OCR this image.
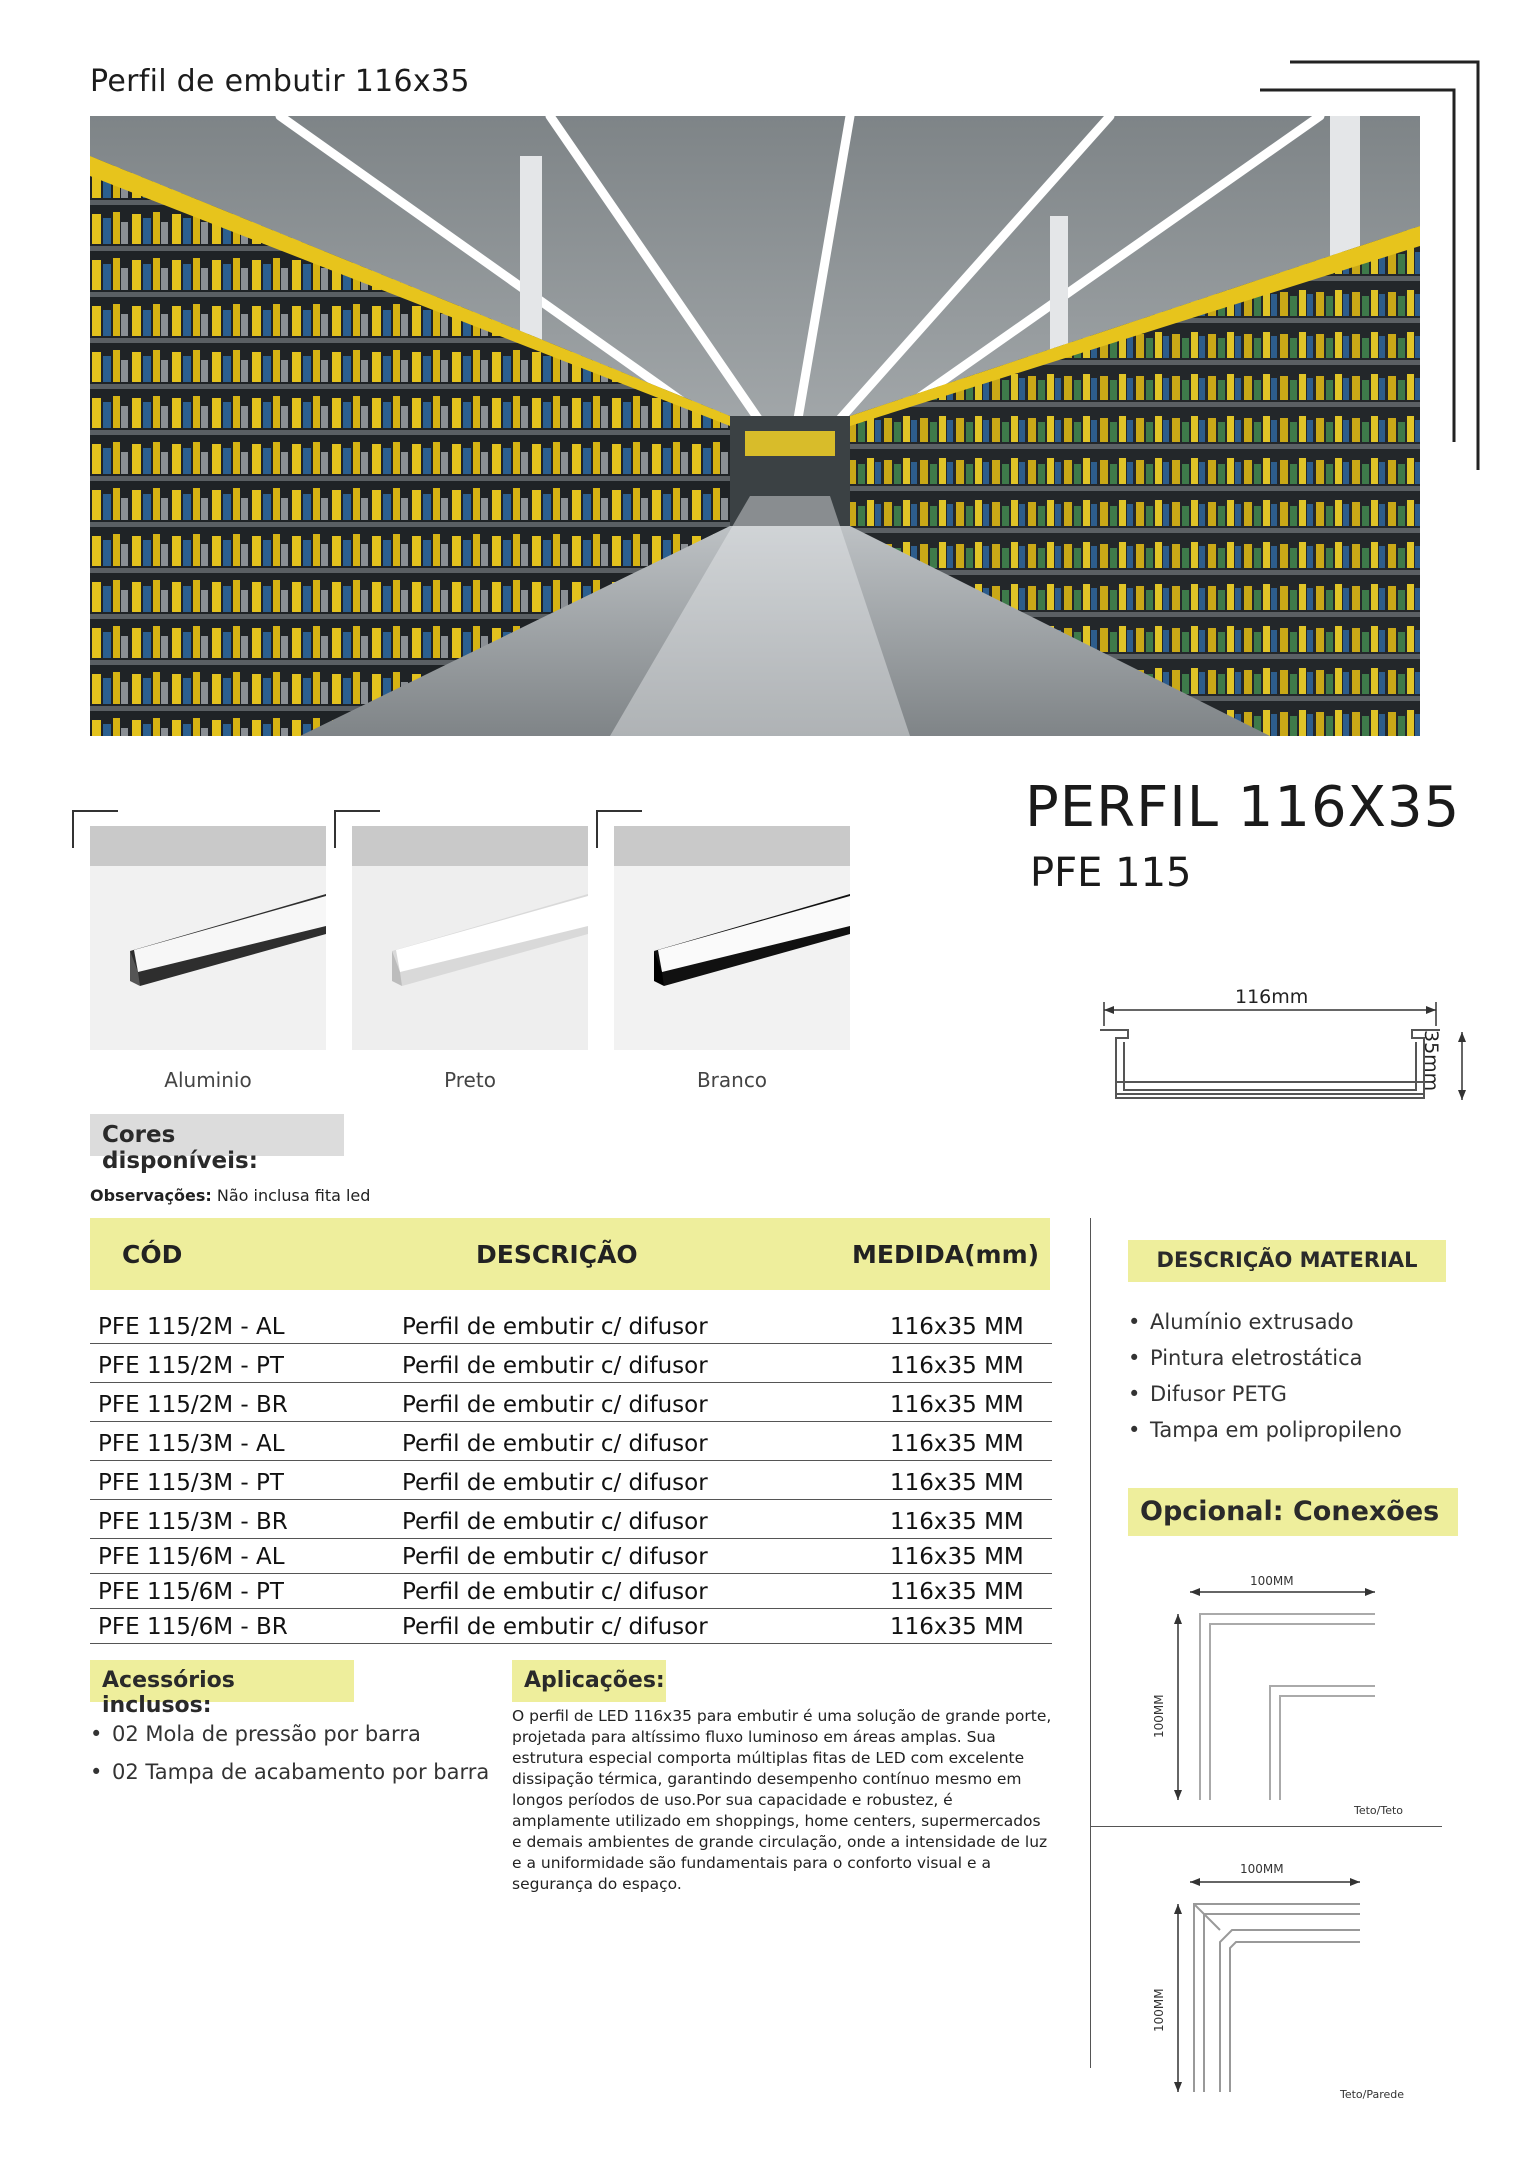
Perfil de embutir 116x35
Aluminio	Preto	Branco
PERFIL 116X35
PFE 115
116mm
35mm
Cores disponíveis:
Observações: Não inclusa fita led
CÓD	DESCRIÇÃO	MEDIDA(mm)
PFE 115/2M - AL	Perfil de embutir c/ difusor	116x35 MM
PFE 115/2M - PT	Perfil de embutir c/ difusor	116x35 MM
PFE 115/2M - BR	Perfil de embutir c/ difusor	116x35 MM
PFE 115/3M - AL	Perfil de embutir c/ difusor	116x35 MM
PFE 115/3M - PT	Perfil de embutir c/ difusor	116x35 MM
PFE 115/3M - BR	Perfil de embutir c/ difusor	116x35 MM
PFE 115/6M - AL	Perfil de embutir c/ difusor	116x35 MM
PFE 115/6M - PT	Perfil de embutir c/ difusor	116x35 MM
PFE 115/6M - BR	Perfil de embutir c/ difusor	116x35 MM
DESCRIÇÃO MATERIAL
• Alumínio extrusado
• Pintura eletrostática
• Difusor PETG
• Tampa em polipropileno
Opcional: Conexões
100MM
100MM
Teto/Teto
100MM
100MM
Teto/Parede
Acessórios inclusos:
• 02 Mola de pressão por barra
• 02 Tampa de acabamento por barra
Aplicações:
O perfil de LED 116x35 para embutir é uma solução de grande porte, projetada para altíssimo fluxo luminoso em áreas amplas. Sua estrutura especial comporta múltiplas fitas de LED com excelente dissipação térmica, garantindo desempenho contínuo mesmo em longos períodos de uso.Por sua capacidade e robustez, é amplamente utilizado em shoppings, home centers, supermercados e demais ambientes de grande circulação, onde a intensidade de luz e a uniformidade são fundamentais para o conforto visual e a segurança do espaço.
